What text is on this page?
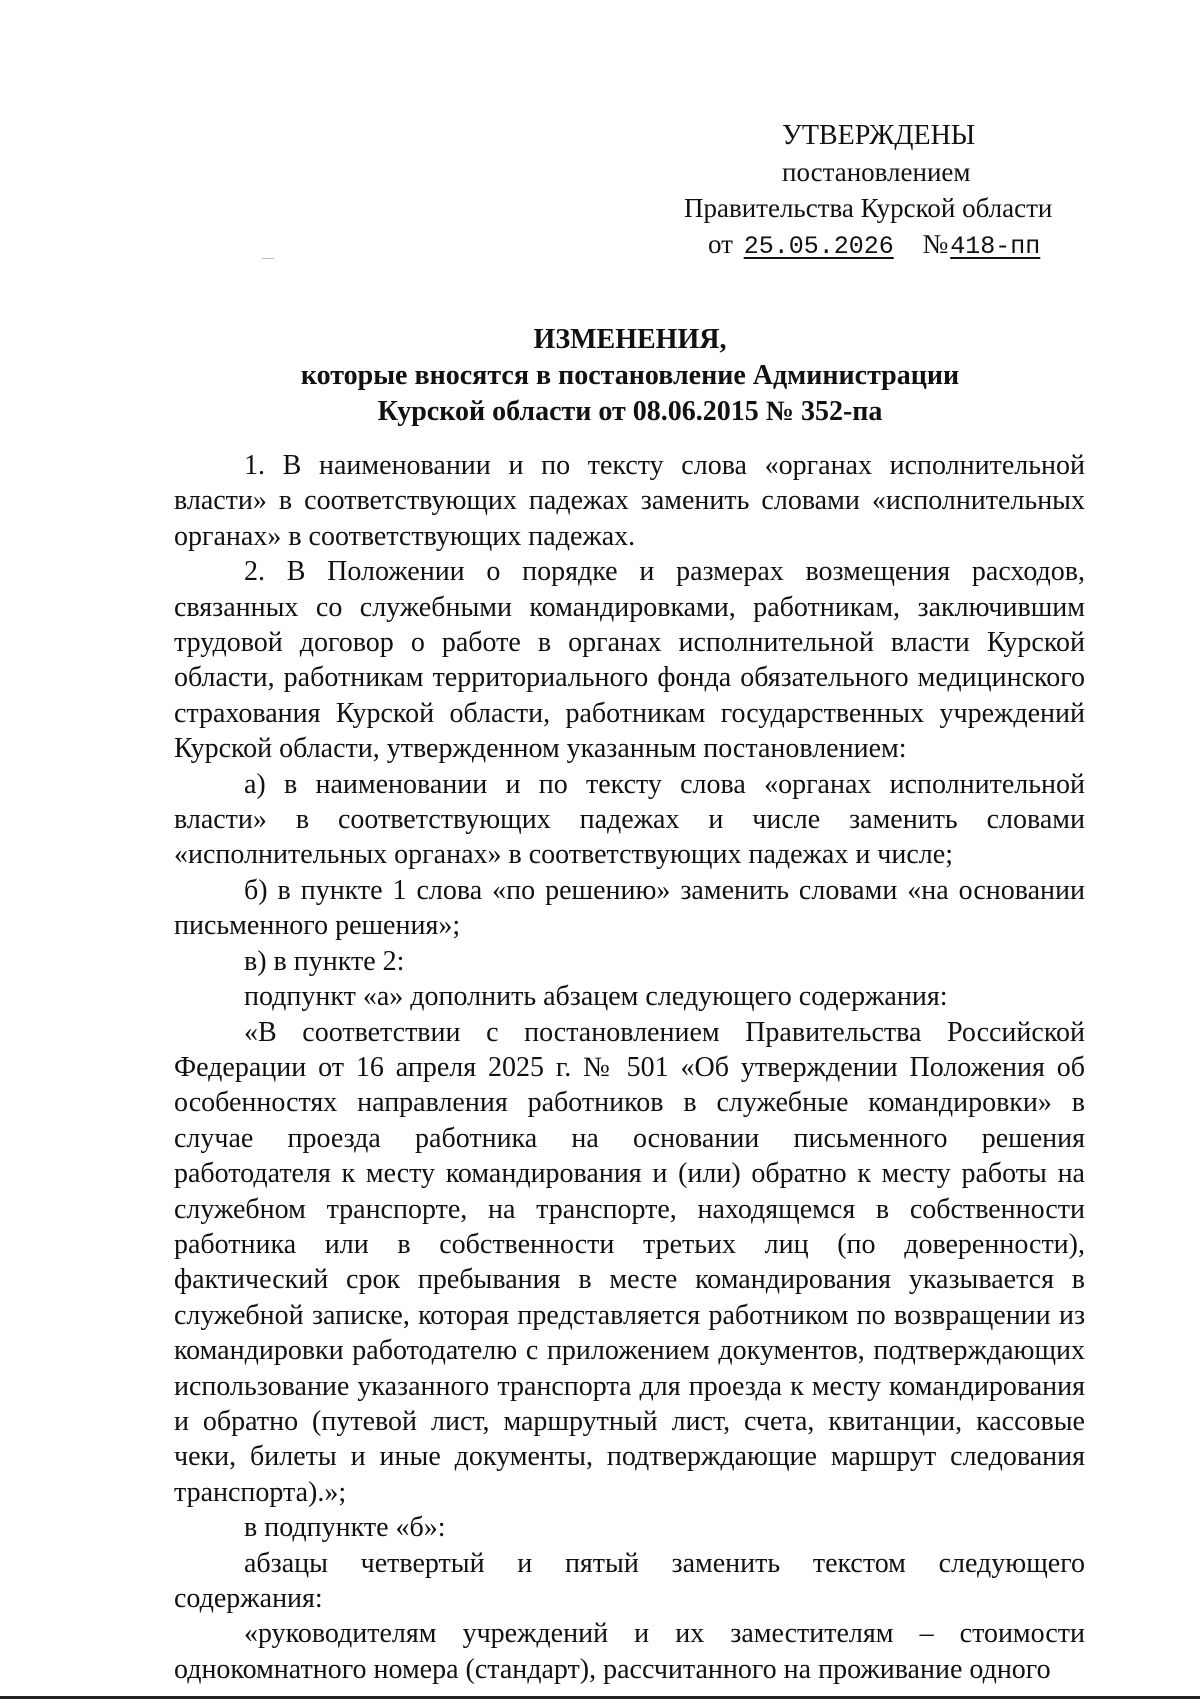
УТВЕРЖДЕНЫ
постановлением
Правительства Курской области
от 25.05.2026 №418-пп
ИЗМЕНЕНИЯ,
которые вносятся в постановление Администрации
Курской области от 08.06.2015 № 352-па

1. В наименовании и по тексту слова «органах исполнительной власти» в соответствующих падежах заменить словами «исполнительных органах» в соответствующих падежах.

2. В Положении о порядке и размерах возмещения расходов, связанных со служебными командировками, работникам, заключившим трудовой договор о работе в органах исполнительной власти Курской области, работникам территориального фонда обязательного медицинского страхования Курской области, работникам государственных учреждений Курской области, утвержденном указанным постановлением:

а) в наименовании и по тексту слова «органах исполнительной власти» в соответствующих падежах и числе заменить словами «исполнительных органах» в соответствующих падежах и числе;

б) в пункте 1 слова «по решению» заменить словами «на основании письменного решения»;

в) в пункте 2:

подпункт «а» дополнить абзацем следующего содержания:

«В соответствии с постановлением Правительства Российской Федерации от 16 апреля 2025 г. № 501 «Об утверждении Положения об особенностях направления работников в служебные командировки» в случае проезда работника на основании письменного решения работодателя к месту командирования и (или) обратно к месту работы на служебном транспорте, на транспорте, находящемся в собственности работника или в собственности третьих лиц (по доверенности), фактический срок пребывания в месте командирования указывается в служебной записке, которая представляется работником по возвращении из командировки работодателю с приложением документов, подтверждающих использование указанного транспорта для проезда к месту командирования и обратно (путевой лист, маршрутный лист, счета, квитанции, кассовые чеки, билеты и иные документы, подтверждающие маршрут следования транспорта).»;

в подпункте «б»:

абзацы четвертый и пятый заменить текстом следующего содержания:

«руководителям учреждений и их заместителям – стоимости однокомнатного номера (стандарт), рассчитанного на проживание одного
